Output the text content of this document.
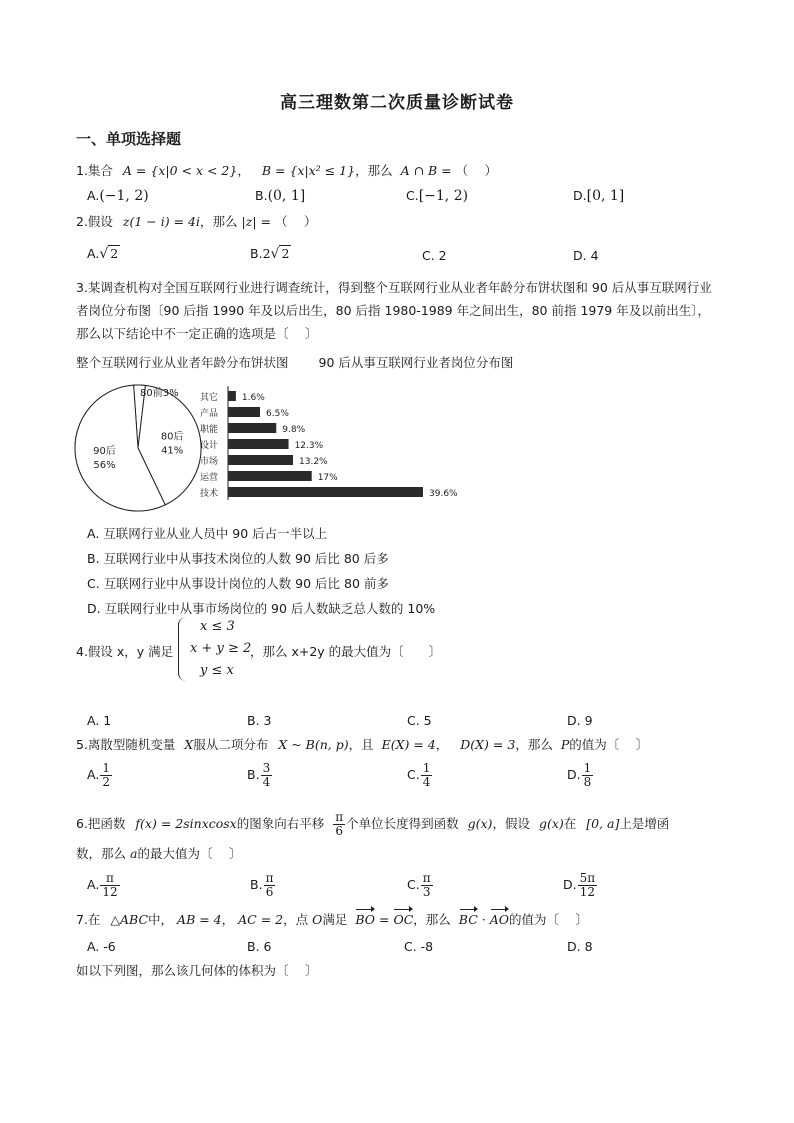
高三理数第二次质量诊断试卷
一、单项选择题
1.集合 A = {x|0 < x < 2}， B = {x|x² ≤ 1}，那么 A ∩ B = （　 ）
A.(−1, 2)	B.(0, 1]	C.[−1, 2)	D.[0, 1]
2.假设 z(1 − i) = 4i，那么 |z| = （　 ）
A.√ 2	B.2√ 2	C. 2	D. 4
3.某调查机构对全国互联网行业进行调查统计，得到整个互联网行业从业者年龄分布饼状图和 90 后从事互联网行业者岗位分布图〔90 后指 1990 年及以后出生，80 后指 1980-1989 年之间出生，80 前指 1979 年及以前出生〕，那么以下结论中不一定正确的选项是〔　 〕
整个互联网行业从业者年龄分布饼状图 90 后从事互联网行业者岗位分布图
90后
56%
80后
41%
80前3% 其它	1.6%
产品	6.5%
职能	9.8%
设计	12.3%
市场	13.2%
运营	17%
技术	39.6%
A. 互联网行业从业人员中 90 后占一半以上
B. 互联网行业中从事技术岗位的人数 90 后比 80 后多
C. 互联网行业中从事设计岗位的人数 90 后比 80 前多
D. 互联网行业中从事市场岗位的 90 后人数缺乏总人数的 10%
4.假设 x，y 满足
x ≤ 3
x + y ≥ 2
y ≤ x
，那么 x+2y 的最大值为〔　　〕
A. 1	B. 3	C. 5	D. 9
5.离散型随机变量 X服从二项分布 X ~ B(n, p)，且 E(X) = 4， D(X) = 3，那么 P的值为〔　 〕
A. $\frac{1}{2}$	B. $\frac{3}{4}$	C. $\frac{1}{4}$	D. $\frac{1}{8}$
6.把函数 f(x) = 2sinxcosx的图象向右平移 $\frac{\pi}{6}$ 个单位长度得到函数 g(x)，假设 g(x)在 [0, a]上是增函
数，那么 a的最大值为〔　 〕
A. $\frac{\pi}{12}$	B. $\frac{\pi}{6}$	C. $\frac{\pi}{3}$	D. $\frac{5\pi}{12}$
7.在 △ABC中， AB = 4， AC = 2，点 O满足 BO = OC，那么 BC · AO的值为〔　 〕
A. -6	B. 6	C. -8	D. 8
如以下列图，那么该几何体的体积为〔　 〕
